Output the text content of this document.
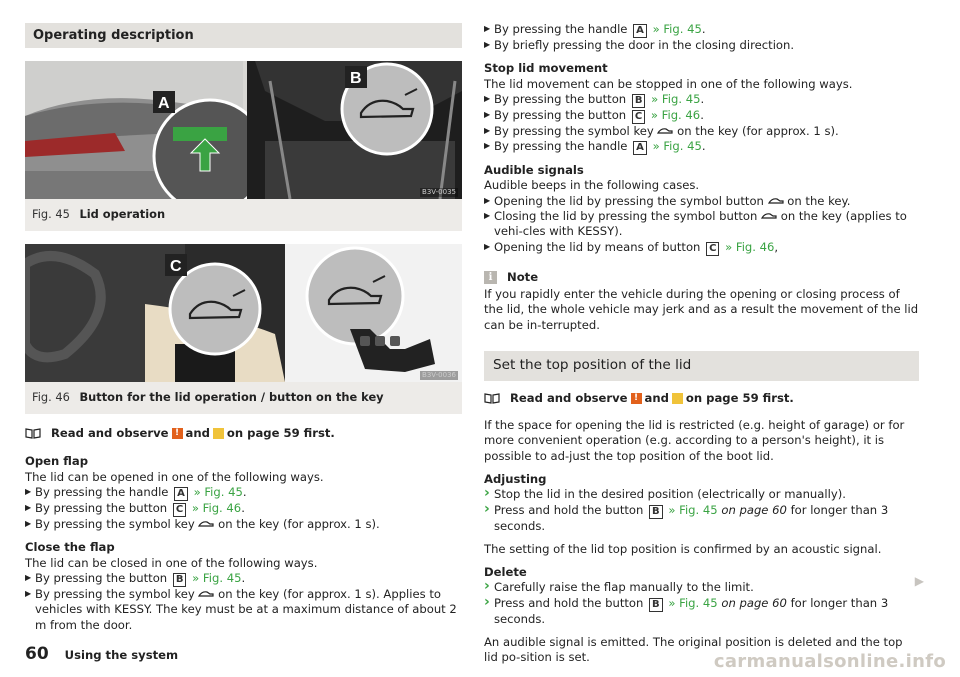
Operating description
A
B
B3V-0035
Fig. 45 Lid operation
C
B3V-0036
Fig. 46 Button for the lid operation / button on the key
Read and observe ! and on page 59 first.

Open flap

The lid can be opened in one of the following ways.

▶ By pressing the handle A » Fig. 45.

▶ By pressing the button C » Fig. 46.

▶ By pressing the symbol key on the key (for approx. 1 s).

Close the flap

The lid can be closed in one of the following ways.

▶ By pressing the button B » Fig. 45.

▶ By pressing the symbol key on the key (for approx. 1 s). Applies to vehicles with KESSY. The key must be at a maximum distance of about 2 m from the door.

▶ By pressing the handle A » Fig. 45.

▶ By briefly pressing the door in the closing direction.

Stop lid movement

The lid movement can be stopped in one of the following ways.

▶ By pressing the button B » Fig. 45.

▶ By pressing the button C » Fig. 46.

▶ By pressing the symbol key on the key (for approx. 1 s).

▶ By pressing the handle A » Fig. 45.

Audible signals

Audible beeps in the following cases.

▶ Opening the lid by pressing the symbol button on the key.

▶ Closing the lid by pressing the symbol button on the key (applies to vehi-cles with KESSY).

▶ Opening the lid by means of button C » Fig. 46,

i	Note

If you rapidly enter the vehicle during the opening or closing process of the lid, the whole vehicle may jerk and as a result the movement of the lid can be in-terrupted.

Set the top position of the lid
Read and observe ! and on page 59 first.

If the space for opening the lid is restricted (e.g. height of garage) or for more convenient operation (e.g. according to a person's height), it is possible to ad-just the top position of the boot lid.

Adjusting

› Stop the lid in the desired position (electrically or manually).

› Press and hold the button B » Fig. 45 on page 60 for longer than 3 seconds.

The setting of the lid top position is confirmed by an acoustic signal.

Delete

› Carefully raise the flap manually to the limit.

› Press and hold the button B » Fig. 45 on page 60 for longer than 3 seconds.

An audible signal is emitted. The original position is deleted and the top lid po-sition is set.

▶
60 Using the system	carmanualsonline.info
